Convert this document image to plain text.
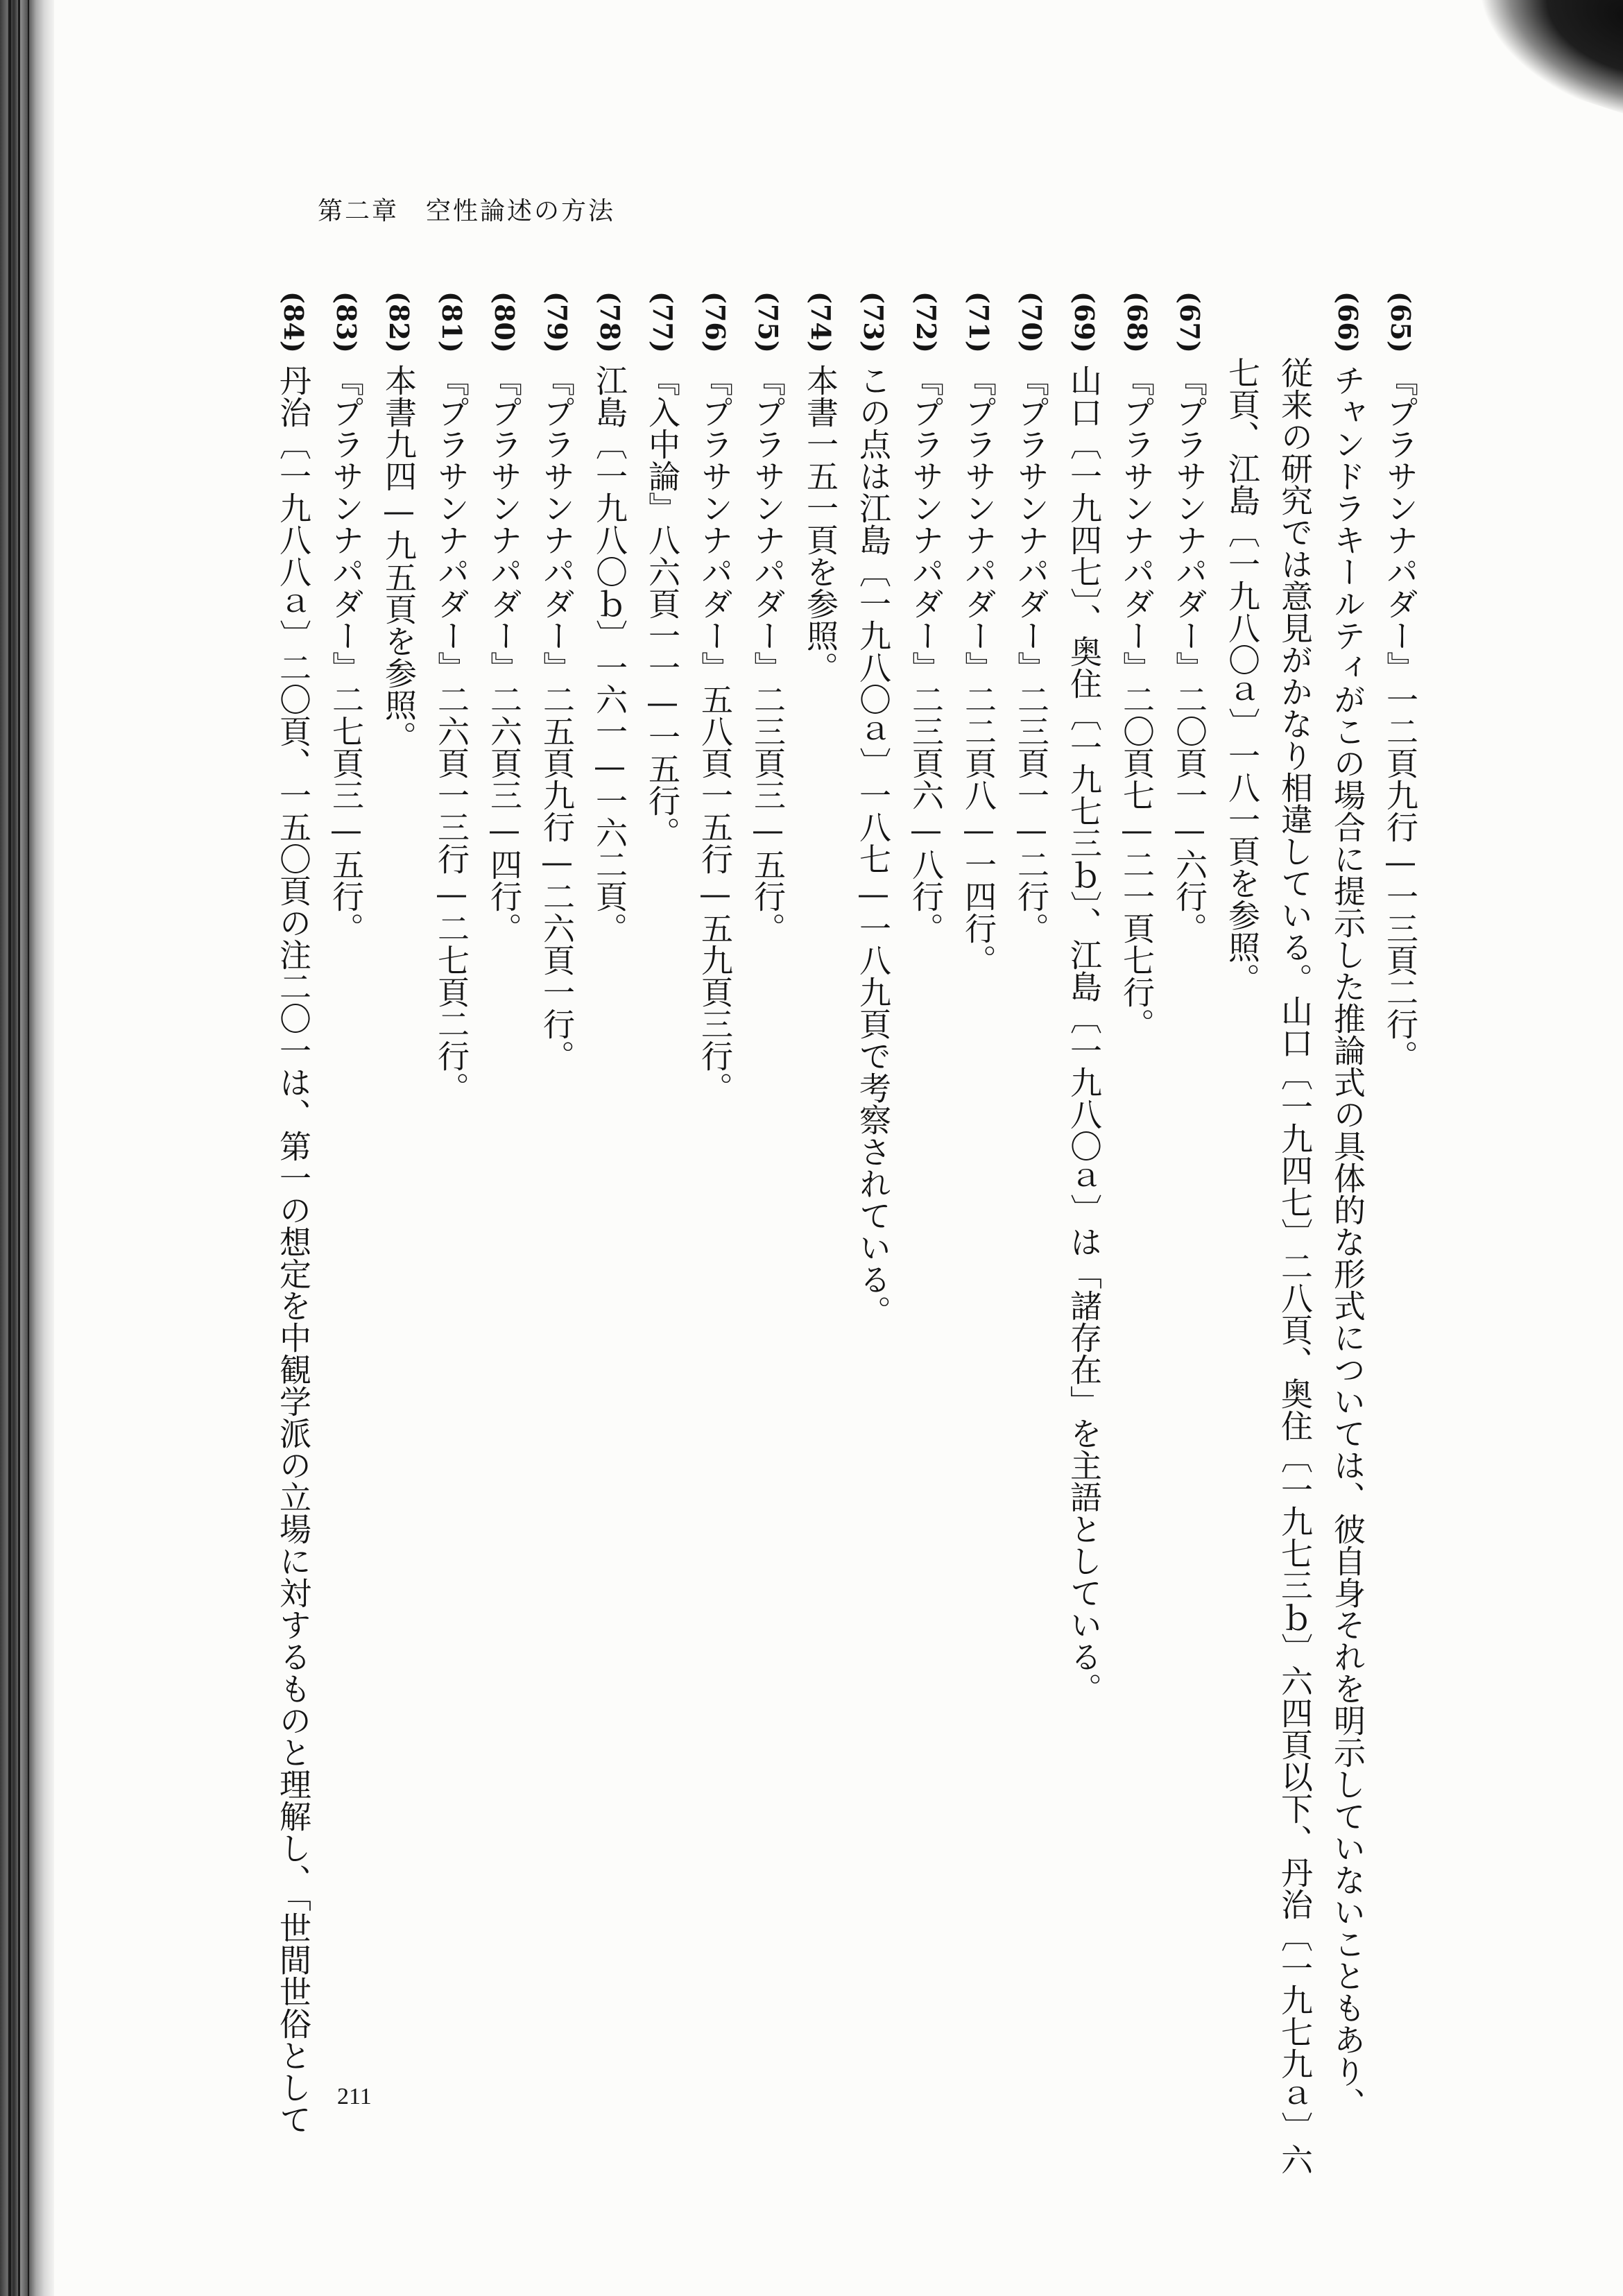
第二章　空性論述の方法
(65)『プラサンナパダー』一二頁九行—一三頁二行。
(66)チャンドラキールティがこの場合に提示した推論式の具体的な形式については、彼自身それを明示していないこともあり、
従来の研究では意見がかなり相違している。山口〔一九四七〕二八頁、奥住〔一九七三ｂ〕六四頁以下、丹治〔一九七九ａ〕六
七頁、江島〔一九八〇ａ〕一八一頁を参照。
(67)『プラサンナパダー』二〇頁一—六行。
(68)『プラサンナパダー』二〇頁七—二一頁七行。
(69)山口〔一九四七〕、奥住〔一九七三ｂ〕、江島〔一九八〇ａ〕は「諸存在」を主語としている。
(70)『プラサンナパダー』二三頁一—二行。
(71)『プラサンナパダー』二二頁八—一四行。
(72)『プラサンナパダー』二三頁六—八行。
(73)この点は江島〔一九八〇ａ〕一八七—一八九頁で考察されている。
(74)本書一五一頁を参照。
(75)『プラサンナパダー』二三頁三—五行。
(76)『プラサンナパダー』五八頁一五行—五九頁三行。
(77)『入中論』八六頁一一—一五行。
(78)江島〔一九八〇ｂ〕一六一—一六二頁。
(79)『プラサンナパダー』二五頁九行—二六頁一行。
(80)『プラサンナパダー』二六頁三—四行。
(81)『プラサンナパダー』二六頁一三行—二七頁二行。
(82)本書九四—九五頁を参照。
(83)『プラサンナパダー』二七頁三—五行。
(84)丹治〔一九八八ａ〕二〇頁、一五〇頁の注二〇一は、第一の想定を中観学派の立場に対するものと理解し、「世間世俗として 211
